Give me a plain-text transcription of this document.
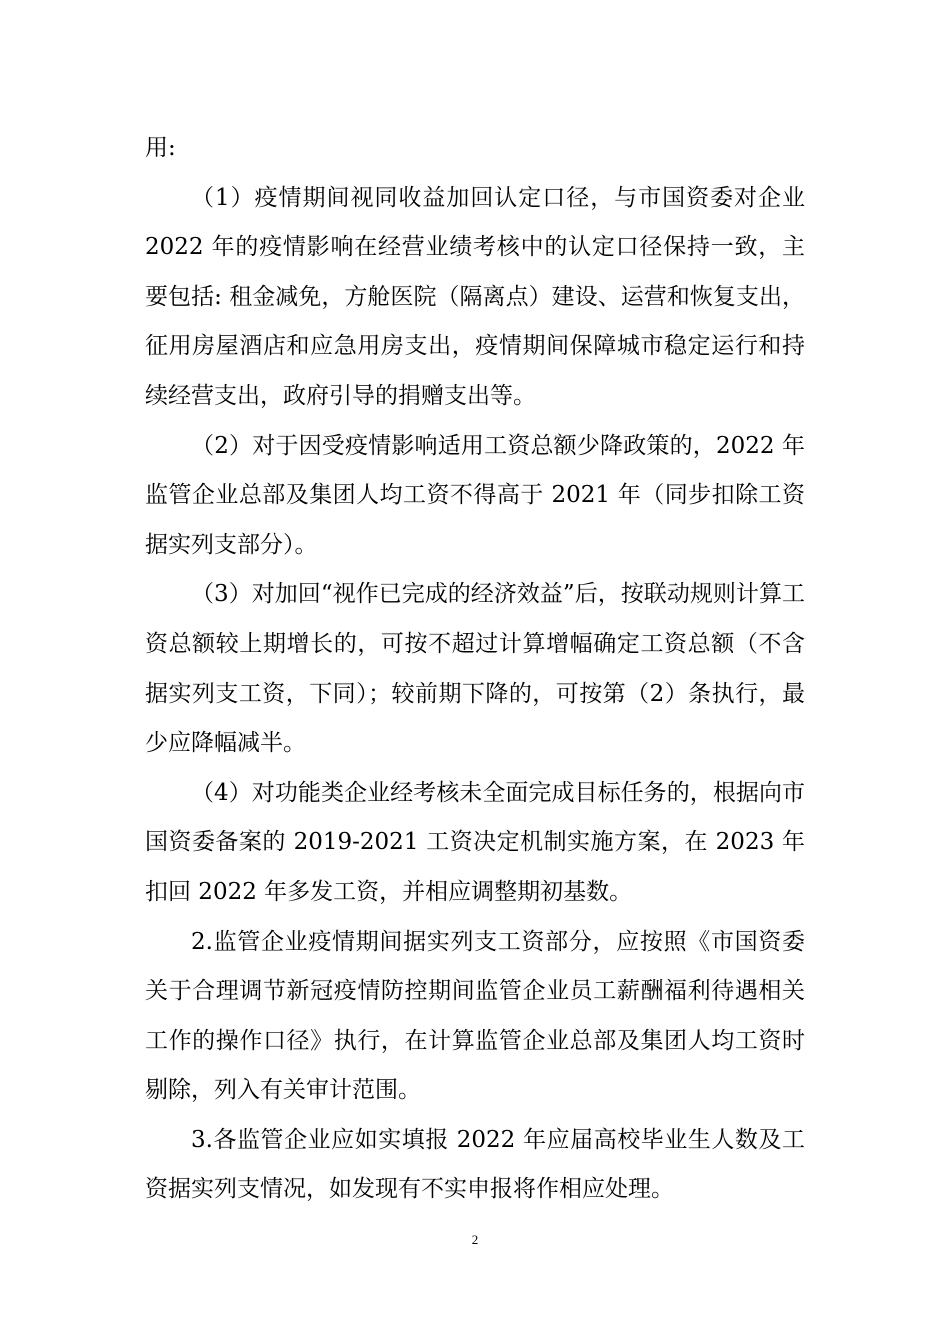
用:

（1）疫情期间视同收益加回认定口径，与市国资委对企业 2022 年的疫情影响在经营业绩考核中的认定口径保持一致，主要包括: 租金减免，方舱医院（隔离点）建设、运营和恢复支出，征用房屋酒店和应急用房支出，疫情期间保障城市稳定运行和持续经营支出，政府引导的捐赠支出等。

（2）对于因受疫情影响适用工资总额少降政策的，2022 年监管企业总部及集团人均工资不得高于 2021 年（同步扣除工资据实列支部分）。

（3）对加回“视作已完成的经济效益”后，按联动规则计算工资总额较上期增长的，可按不超过计算增幅确定工资总额（不含据实列支工资，下同）；较前期下降的，可按第（2）条执行，最少应降幅减半。

（4）对功能类企业经考核未全面完成目标任务的，根据向市国资委备案的 2019-2021 工资决定机制实施方案，在 2023 年扣回 2022 年多发工资，并相应调整期初基数。

2.监管企业疫情期间据实列支工资部分，应按照《市国资委关于合理调节新冠疫情防控期间监管企业员工薪酬福利待遇相关工作的操作口径》执行，在计算监管企业总部及集团人均工资时剔除，列入有关审计范围。

3.各监管企业应如实填报 2022 年应届高校毕业生人数及工资据实列支情况，如发现有不实申报将作相应处理。

2
